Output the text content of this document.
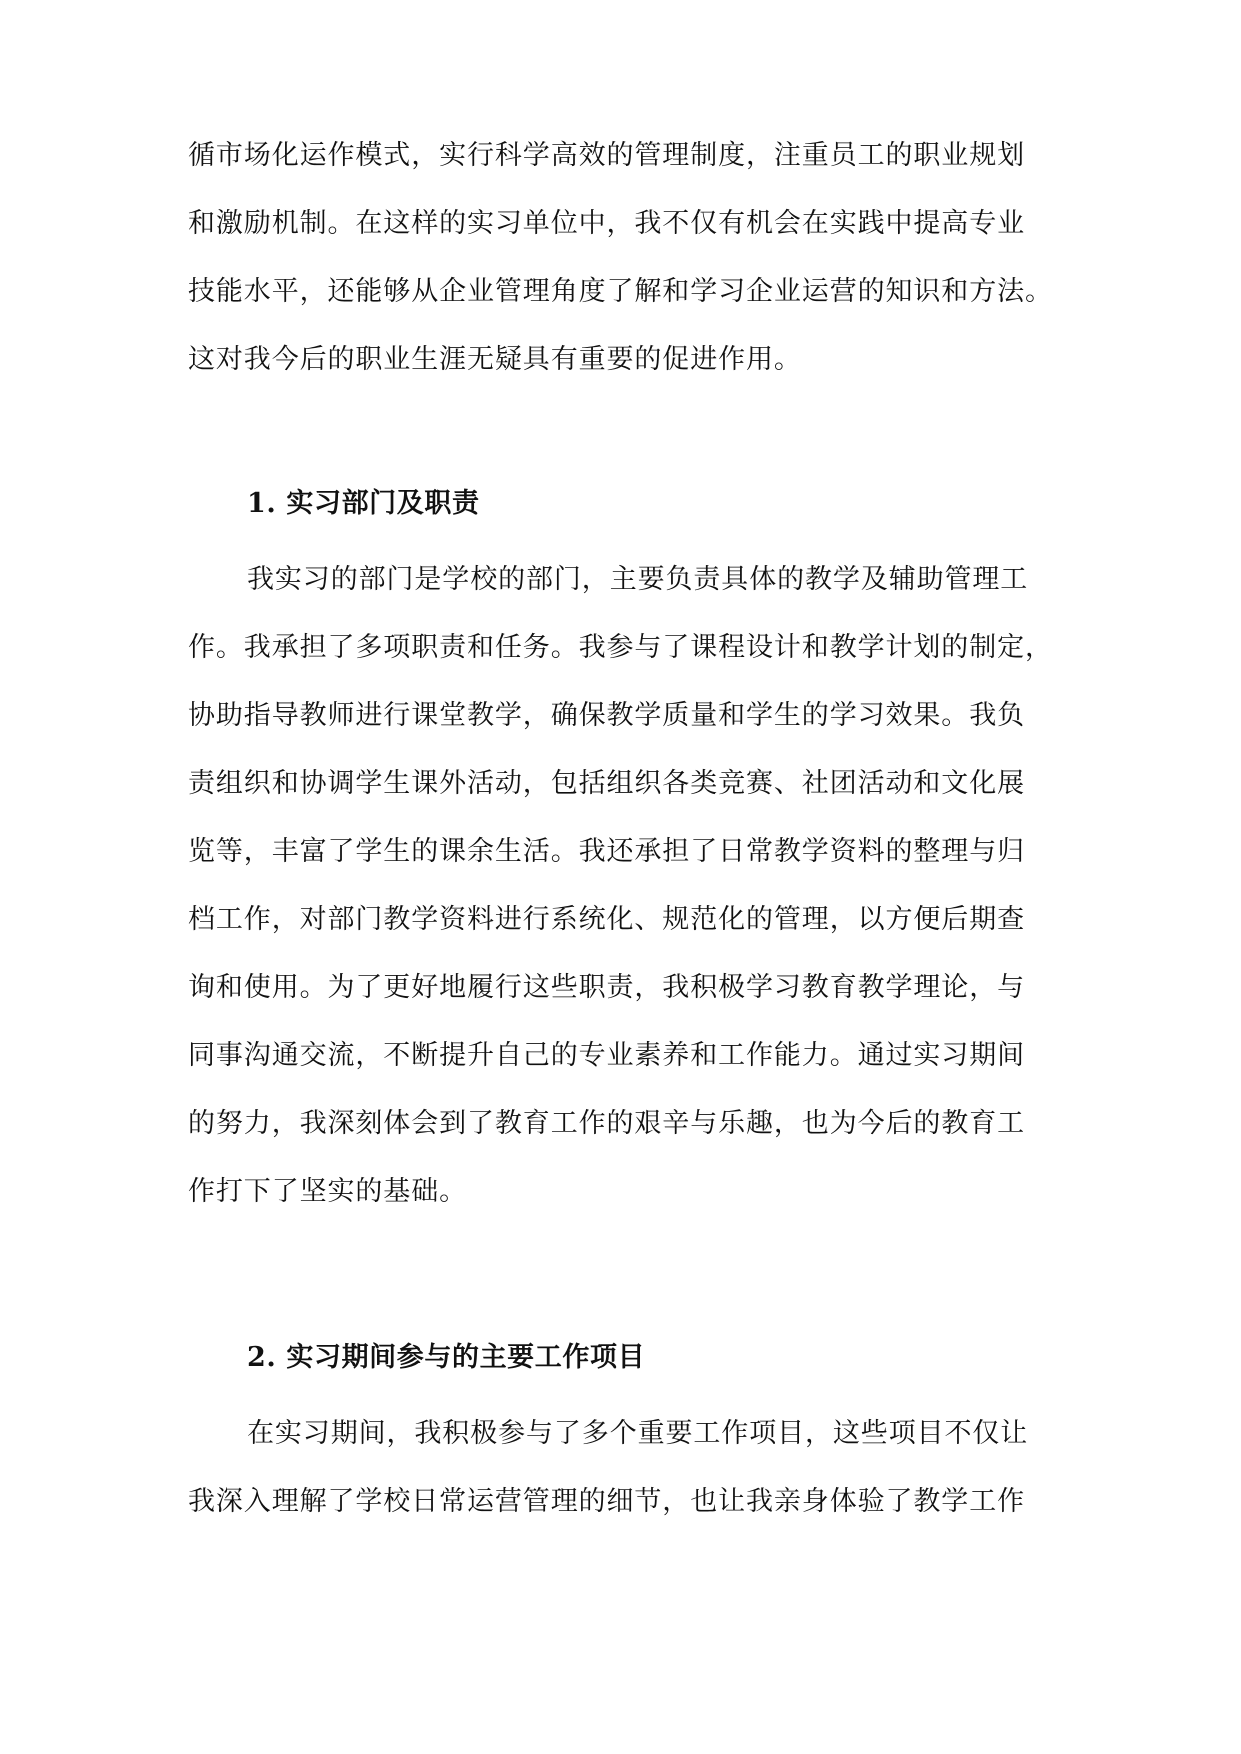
循市场化运作模式，实行科学高效的管理制度，注重员工的职业规划
和激励机制。在这样的实习单位中，我不仅有机会在实践中提高专业
技能水平，还能够从企业管理角度了解和学习企业运营的知识和方法。
这对我今后的职业生涯无疑具有重要的促进作用。
1. 实习部门及职责
我实习的部门是学校的部门，主要负责具体的教学及辅助管理工
作。我承担了多项职责和任务。我参与了课程设计和教学计划的制定，
协助指导教师进行课堂教学，确保教学质量和学生的学习效果。我负
责组织和协调学生课外活动，包括组织各类竞赛、社团活动和文化展
览等，丰富了学生的课余生活。我还承担了日常教学资料的整理与归
档工作，对部门教学资料进行系统化、规范化的管理，以方便后期查
询和使用。为了更好地履行这些职责，我积极学习教育教学理论，与
同事沟通交流，不断提升自己的专业素养和工作能力。通过实习期间
的努力，我深刻体会到了教育工作的艰辛与乐趣，也为今后的教育工
作打下了坚实的基础。
2. 实习期间参与的主要工作项目
在实习期间，我积极参与了多个重要工作项目，这些项目不仅让
我深入理解了学校日常运营管理的细节，也让我亲身体验了教学工作
